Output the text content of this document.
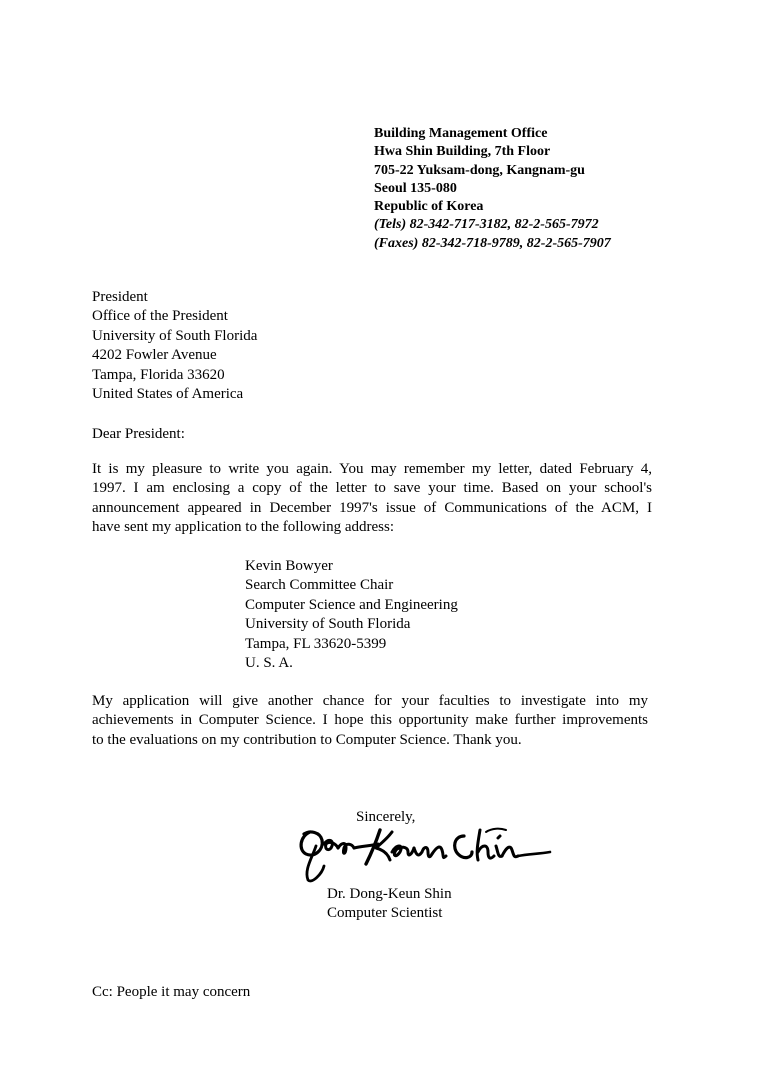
Building Management Office
Hwa Shin Building, 7th Floor
705-22 Yuksam-dong, Kangnam-gu
Seoul 135-080
Republic of Korea
(Tels) 82-342-717-3182, 82-2-565-7972
(Faxes) 82-342-718-9789, 82-2-565-7907
President
Office of the President
University of South Florida
4202 Fowler Avenue
Tampa, Florida 33620
United States of America
Dear President:
It is my pleasure to write you again. You may remember my letter, dated February 4,
1997. I am enclosing a copy of the letter to save your time. Based on your school's
announcement appeared in December 1997's issue of Communications of the ACM, I
have sent my application to the following address:
Kevin Bowyer
Search Committee Chair
Computer Science and Engineering
University of South Florida
Tampa, FL 33620-5399
U. S. A.
My application will give another chance for your faculties to investigate into my
achievements in Computer Science. I hope this opportunity make further improvements
to the evaluations on my contribution to Computer Science. Thank you.
Sincerely,
Dr. Dong-Keun Shin
Computer Scientist
Cc: People it may concern
